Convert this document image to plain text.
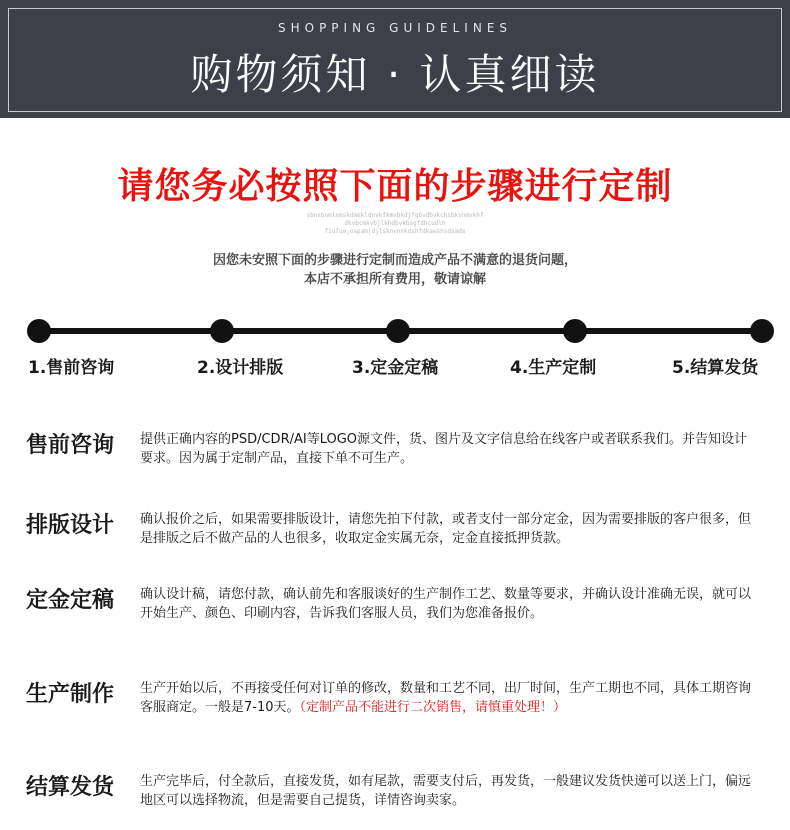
SHOPPING GUIDELINES
购物须知 · 认真细读
请您务必按照下面的步骤进行定制
sbnsbnmlxmskdmekldnvkfkmvbkdjfgbvdbvkchsbkvnmvkhf
dkvbcmkvbjlkhdbvkbsgfdhcudlh
fiufue;ospam|djlsknvnnkdshfdkawsnsdsads
因您未安照下面的步骤进行定制而造成产品不满意的退货问题，
本店不承担所有费用，敬请谅解
1.售前咨询	2.设计排版	3.定金定稿	4.生产定制	5.结算发货
售前咨询 提供正确内容的PSD/CDR/AI等LOGO源文件，货、图片及文字信息给在线客户或者联系我们。并告知设计要求。因为属于定制产品，直接下单不可生产。
排版设计 确认报价之后，如果需要排版设计，请您先拍下付款，或者支付一部分定金，因为需要排版的客户很多，但是排版之后不做产品的人也很多，收取定金实属无奈，定金直接抵押货款。
定金定稿 确认设计稿，请您付款，确认前先和客服谈好的生产制作工艺、数量等要求，并确认设计准确无误，就可以开始生产、颜色、印刷内容，告诉我们客服人员，我们为您准备报价。
生产制作 生产开始以后，不再接受任何对订单的修改，数量和工艺不同，出厂时间，生产工期也不同，具体工期咨询客服商定。一般是7-10天。（定制产品不能进行二次销售，请慎重处理！）
结算发货 生产完毕后，付全款后，直接发货，如有尾款，需要支付后，再发货，一般建议发货快递可以送上门，偏远地区可以选择物流，但是需要自己提货，详情咨询卖家。
